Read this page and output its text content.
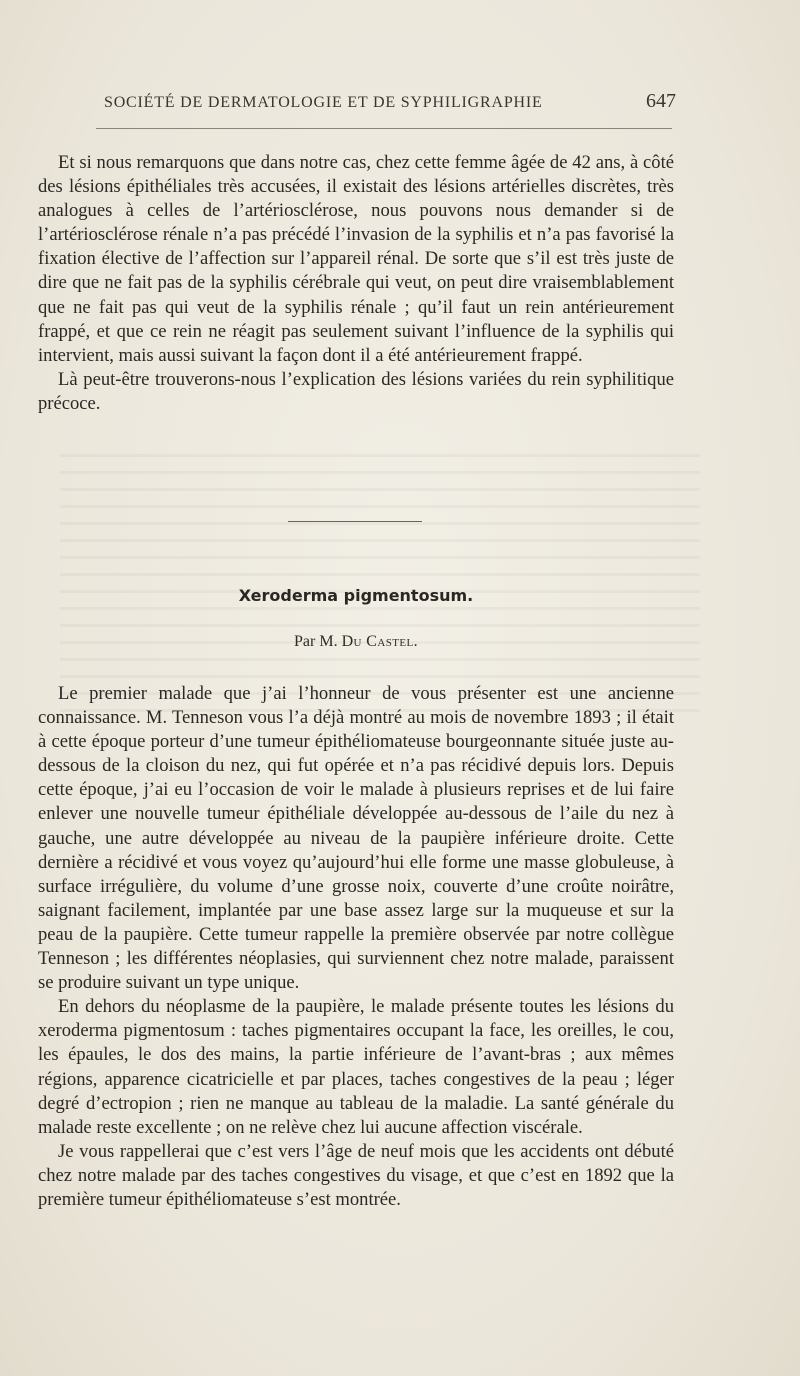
SOCIÉTÉ DE DERMATOLOGIE ET DE SYPHILIGRAPHIE	647

Et si nous remarquons que dans notre cas, chez cette femme âgée de 42 ans, à côté des lésions épithéliales très accusées, il existait des lésions artérielles discrètes, très analogues à celles de l’artériosclérose, nous pouvons nous demander si de l’artériosclérose rénale n’a pas précédé l’invasion de la syphilis et n’a pas favorisé la fixation élective de l’affection sur l’appareil rénal. De sorte que s’il est très juste de dire que ne fait pas de la syphilis cérébrale qui veut, on peut dire vraisemblablement que ne fait pas qui veut de la syphilis rénale ; qu’il faut un rein antérieurement frappé, et que ce rein ne réagit pas seulement suivant l’influence de la syphilis qui intervient, mais aussi suivant la façon dont il a été antérieurement frappé.

Là peut-être trouverons-nous l’explication des lésions variées du rein syphilitique précoce.

Xeroderma pigmentosum.
Par M. Du Castel.

Le premier malade que j’ai l’honneur de vous présenter est une ancienne connaissance. M. Tenneson vous l’a déjà montré au mois de novembre 1893 ; il était à cette époque porteur d’une tumeur épithéliomateuse bourgeonnante située juste au-dessous de la cloison du nez, qui fut opérée et n’a pas récidivé depuis lors. Depuis cette époque, j’ai eu l’occasion de voir le malade à plusieurs reprises et de lui faire enlever une nouvelle tumeur épithéliale développée au-dessous de l’aile du nez à gauche, une autre développée au niveau de la paupière inférieure droite. Cette dernière a récidivé et vous voyez qu’aujourd’hui elle forme une masse globuleuse, à surface irrégulière, du volume d’une grosse noix, couverte d’une croûte noirâtre, saignant facilement, implantée par une base assez large sur la muqueuse et sur la peau de la paupière. Cette tumeur rappelle la première observée par notre collègue Tenneson ; les différentes néoplasies, qui surviennent chez notre malade, paraissent se produire suivant un type unique.

En dehors du néoplasme de la paupière, le malade présente toutes les lésions du xeroderma pigmentosum : taches pigmentaires occupant la face, les oreilles, le cou, les épaules, le dos des mains, la partie inférieure de l’avant-bras ; aux mêmes régions, apparence cicatricielle et par places, taches congestives de la peau ; léger degré d’ectropion ; rien ne manque au tableau de la maladie. La santé générale du malade reste excellente ; on ne relève chez lui aucune affection viscérale.

Je vous rappellerai que c’est vers l’âge de neuf mois que les accidents ont débuté chez notre malade par des taches congestives du visage, et que c’est en 1892 que la première tumeur épithéliomateuse s’est montrée.
